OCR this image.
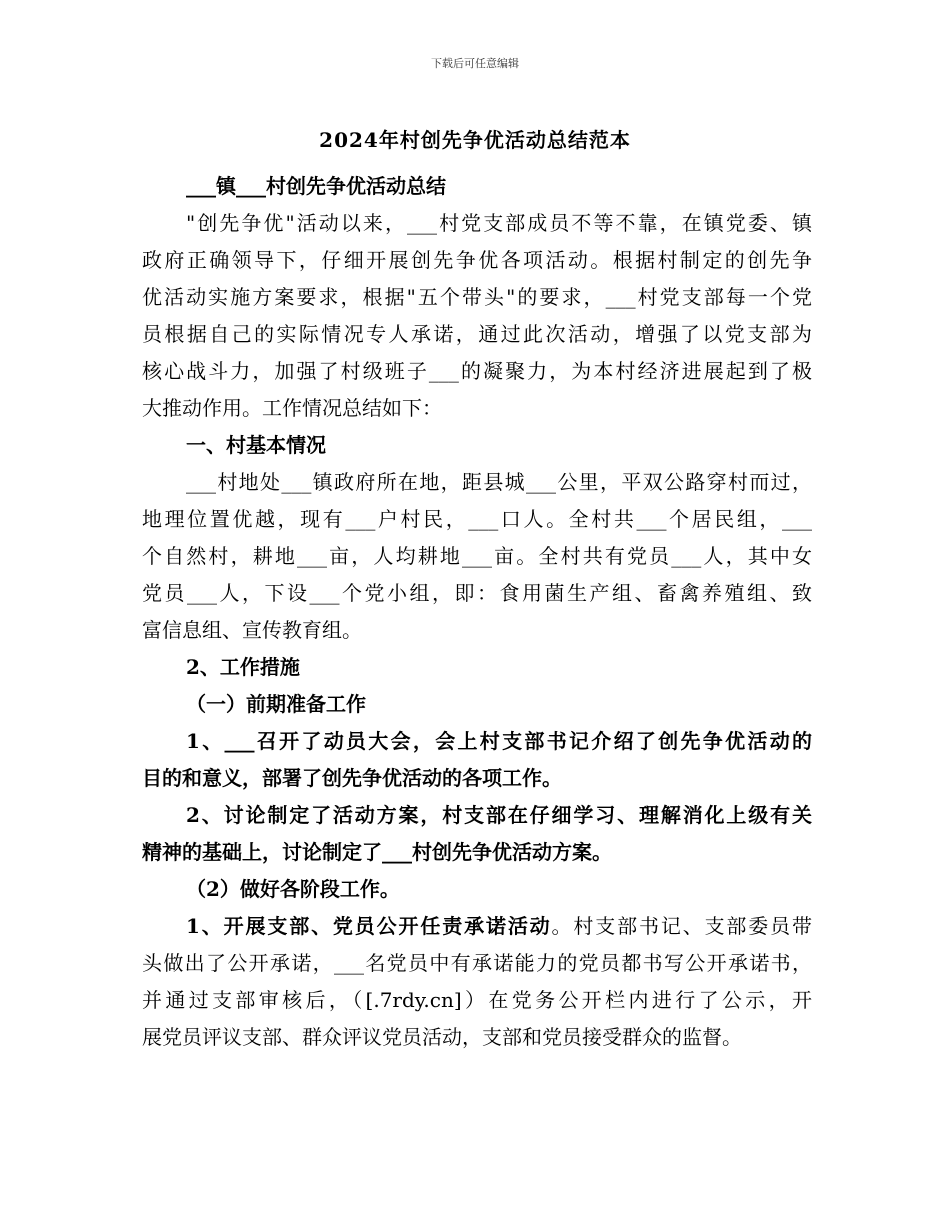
下载后可任意编辑
2024年村创先争优活动总结范本
___镇___村创先争优活动总结
"创先争优"活动以来，___村党支部成员不等不靠，在镇党委、镇
政府正确领导下，仔细开展创先争优各项活动。根据村制定的创先争
优活动实施方案要求，根据"五个带头"的要求，___村党支部每一个党
员根据自己的实际情况专人承诺，通过此次活动，增强了以党支部为
核心战斗力，加强了村级班子___的凝聚力，为本村经济进展起到了极
大推动作用。工作情况总结如下：
一、村基本情况
___村地处___镇政府所在地，距县城___公里，平双公路穿村而过，
地理位置优越，现有___户村民，___口人。全村共___个居民组，___
个自然村，耕地___亩，人均耕地___亩。全村共有党员___人，其中女
党员___人，下设___个党小组，即：食用菌生产组、畜禽养殖组、致
富信息组、宣传教育组。
2、工作措施
（一）前期准备工作
1、___召开了动员大会，会上村支部书记介绍了创先争优活动的
目的和意义，部署了创先争优活动的各项工作。
2、讨论制定了活动方案，村支部在仔细学习、理解消化上级有关
精神的基础上，讨论制定了___村创先争优活动方案。
（2）做好各阶段工作。
1、开展支部、党员公开任责承诺活动。村支部书记、支部委员带
头做出了公开承诺，___名党员中有承诺能力的党员都书写公开承诺书，
并通过支部审核后，（[.7rdy.cn]）在党务公开栏内进行了公示，开
展党员评议支部、群众评议党员活动，支部和党员接受群众的监督。
